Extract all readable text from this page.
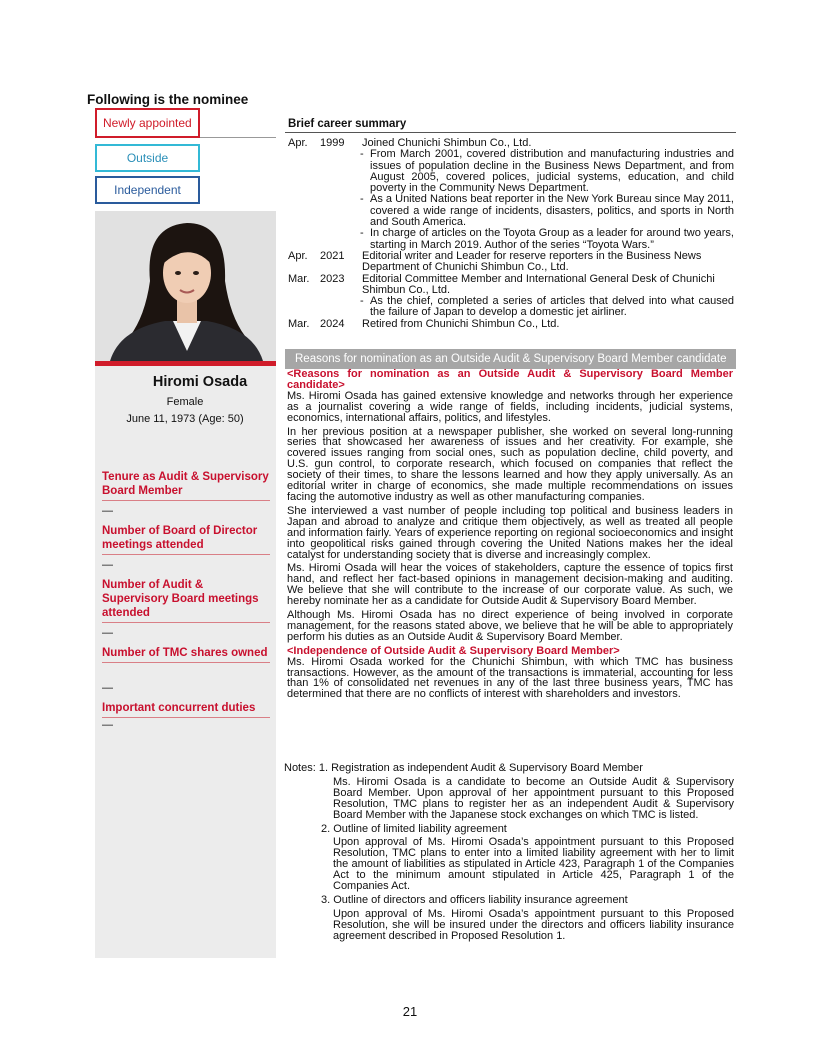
Following is the nominee
Newly appointed
Outside
Independent
Hiromi Osada
Female
June 11, 1973 (Age: 50)
Tenure as Audit & Supervisory Board Member
—
Number of Board of Director meetings attended
—
Number of Audit & Supervisory Board meetings attended
—
Number of TMC shares owned
—
Important concurrent duties
—
Brief career summary
Apr.	1999	Joined Chunichi Shimbun Co., Ltd.
- From March 2001, covered distribution and manufacturing industries and issues of population decline in the Business News Department, and from August 2005, covered polices, judicial systems, education, and child poverty in the Community News Department.
- As a United Nations beat reporter in the New York Bureau since May 2011, covered a wide range of incidents, disasters, politics, and sports in North and South America.
- In charge of articles on the Toyota Group as a leader for around two years, starting in March 2019. Author of the series “Toyota Wars.”
Apr.	2021	Editorial writer and Leader for reserve reporters in the Business News Department of Chunichi Shimbun Co., Ltd.
Mar. 2023	Editorial Committee Member and International General Desk of Chunichi Shimbun Co., Ltd.
- As the chief, completed a series of articles that delved into what caused the failure of Japan to develop a domestic jet airliner.
Mar. 2024	Retired from Chunichi Shimbun Co., Ltd.
Reasons for nomination as an Outside Audit & Supervisory Board Member candidate

<Reasons for nomination as an Outside Audit & Supervisory Board Member candidate>

Ms. Hiromi Osada has gained extensive knowledge and networks through her experience as a journalist covering a wide range of fields, including incidents, judicial systems, economics, international affairs, politics, and lifestyles.

In her previous position at a newspaper publisher, she worked on several long-running series that showcased her awareness of issues and her creativity. For example, she covered issues ranging from social ones, such as population decline, child poverty, and U.S. gun control, to corporate research, which focused on companies that reflect the society of their times, to share the lessons learned and how they apply universally. As an editorial writer in charge of economics, she made multiple recommendations on issues facing the automotive industry as well as other manufacturing companies.

She interviewed a vast number of people including top political and business leaders in Japan and abroad to analyze and critique them objectively, as well as treated all people and information fairly. Years of experience reporting on regional socioeconomics and insight into geopolitical risks gained through covering the United Nations makes her the ideal catalyst for understanding society that is diverse and increasingly complex.

Ms. Hiromi Osada will hear the voices of stakeholders, capture the essence of topics first hand, and reflect her fact-based opinions in management decision-making and auditing. We believe that she will contribute to the increase of our corporate value. As such, we hereby nominate her as a candidate for Outside Audit & Supervisory Board Member.

Although Ms. Hiromi Osada has no direct experience of being involved in corporate management, for the reasons stated above, we believe that he will be able to appropriately perform his duties as an Outside Audit & Supervisory Board Member.

<Independence of Outside Audit & Supervisory Board Member>

Ms. Hiromi Osada worked for the Chunichi Shimbun, with which TMC has business transactions. However, as the amount of the transactions is immaterial, accounting for less than 1% of consolidated net revenues in any of the last three business years, TMC has determined that there are no conflicts of interest with shareholders and investors.

Notes: 1. Registration as independent Audit & Supervisory Board Member

Ms. Hiromi Osada is a candidate to become an Outside Audit & Supervisory Board Member. Upon approval of her appointment pursuant to this Proposed Resolution, TMC plans to register her as an independent Audit & Supervisory Board Member with the Japanese stock exchanges on which TMC is listed.

2. Outline of limited liability agreement

Upon approval of Ms. Hiromi Osada’s appointment pursuant to this Proposed Resolution, TMC plans to enter into a limited liability agreement with her to limit the amount of liabilities as stipulated in Article 423, Paragraph 1 of the Companies Act to the minimum amount stipulated in Article 425, Paragraph 1 of the Companies Act.

3. Outline of directors and officers liability insurance agreement

Upon approval of Ms. Hiromi Osada’s appointment pursuant to this Proposed Resolution, she will be insured under the directors and officers liability insurance agreement described in Proposed Resolution 1.

21
